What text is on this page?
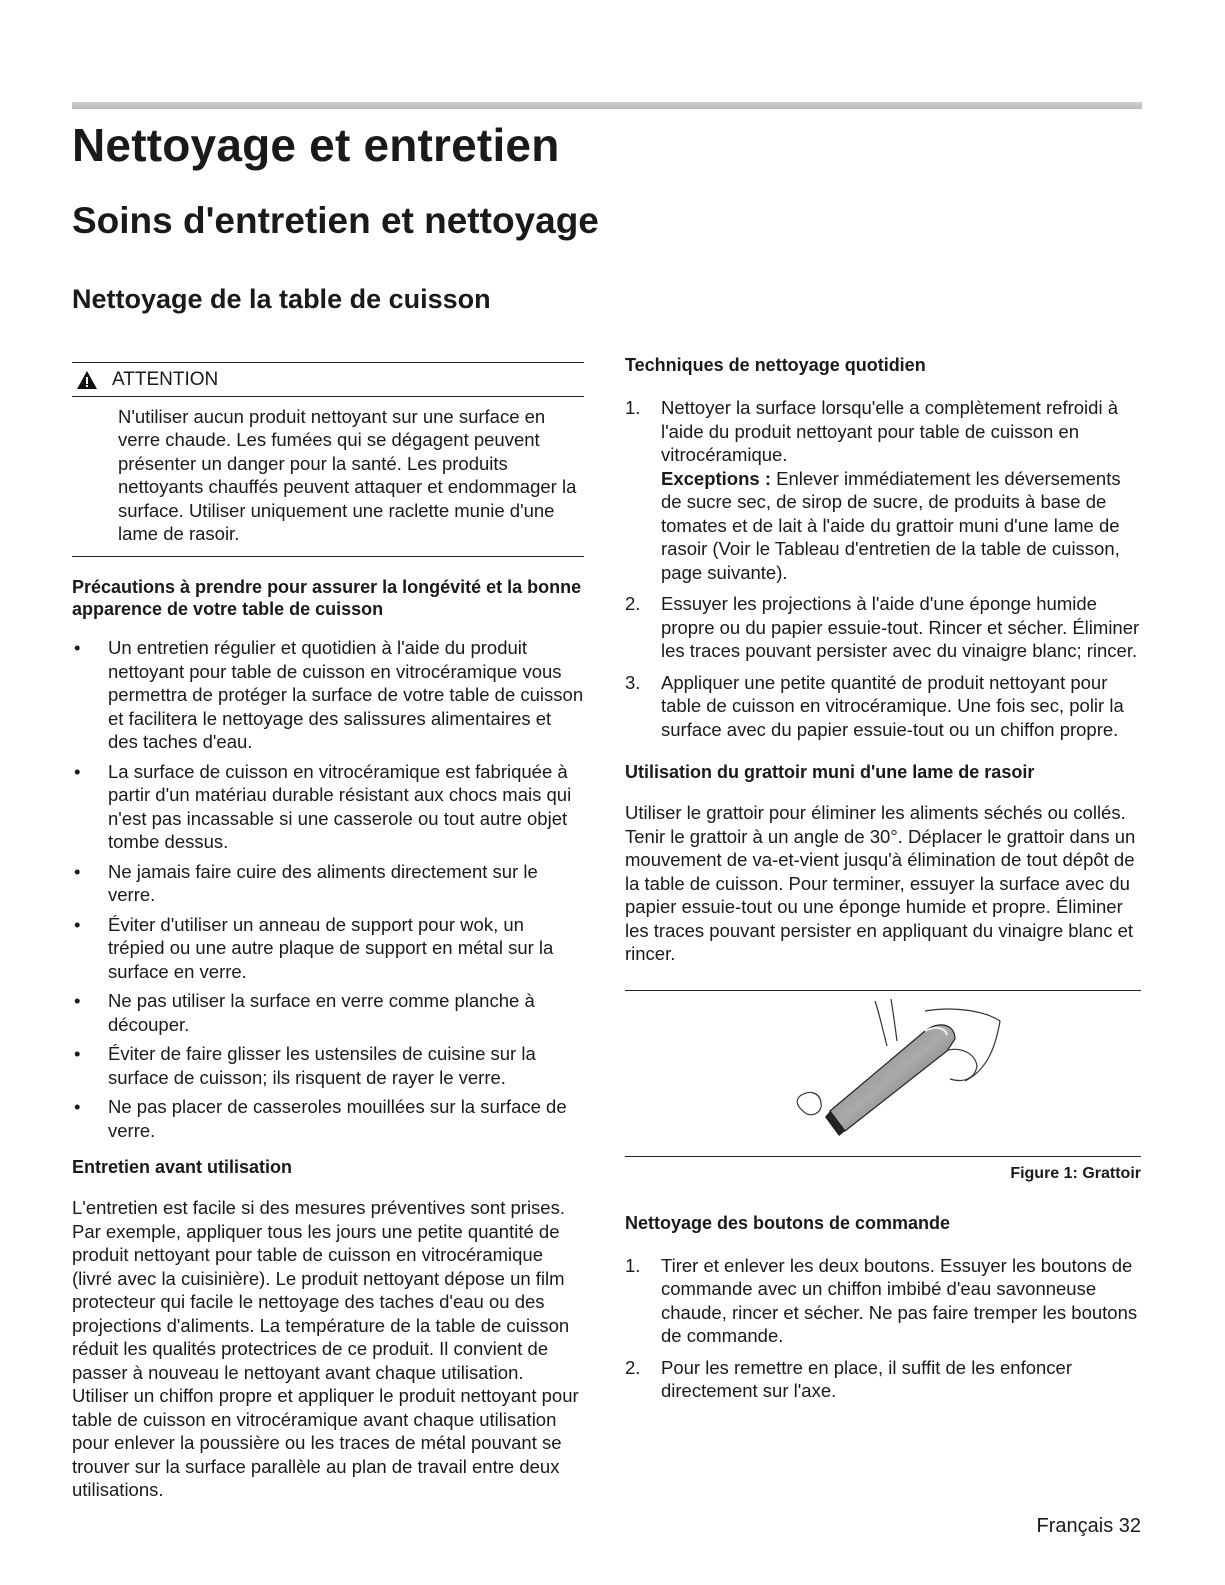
Nettoyage et entretien
Soins d'entretien et nettoyage
Nettoyage de la table de cuisson
ATTENTION
N'utiliser aucun produit nettoyant sur une surface en verre chaude. Les fumées qui se dégagent peuvent présenter un danger pour la santé. Les produits nettoyants chauffés peuvent attaquer et endommager la surface. Utiliser uniquement une raclette munie d'une lame de rasoir.
Précautions à prendre pour assurer la longévité et la bonne apparence de votre table de cuisson
• Un entretien régulier et quotidien à l'aide du produit nettoyant pour table de cuisson en vitrocéramique vous permettra de protéger la surface de votre table de cuisson et facilitera le nettoyage des salissures alimentaires et des taches d'eau.
• La surface de cuisson en vitrocéramique est fabriquée à partir d'un matériau durable résistant aux chocs mais qui n'est pas incassable si une casserole ou tout autre objet tombe dessus.
• Ne jamais faire cuire des aliments directement sur le verre.
• Éviter d'utiliser un anneau de support pour wok, un trépied ou une autre plaque de support en métal sur la surface en verre.
• Ne pas utiliser la surface en verre comme planche à découper.
• Éviter de faire glisser les ustensiles de cuisine sur la surface de cuisson; ils risquent de rayer le verre.
• Ne pas placer de casseroles mouillées sur la surface de verre.
Entretien avant utilisation
L'entretien est facile si des mesures préventives sont prises. Par exemple, appliquer tous les jours une petite quantité de produit nettoyant pour table de cuisson en vitrocéramique (livré avec la cuisinière). Le produit nettoyant dépose un film protecteur qui facile le nettoyage des taches d'eau ou des projections d'aliments. La température de la table de cuisson réduit les qualités protectrices de ce produit. Il convient de passer à nouveau le nettoyant avant chaque utilisation. Utiliser un chiffon propre et appliquer le produit nettoyant pour table de cuisson en vitrocéramique avant chaque utilisation pour enlever la poussière ou les traces de métal pouvant se trouver sur la surface parallèle au plan de travail entre deux utilisations.
Techniques de nettoyage quotidien
1. Nettoyer la surface lorsqu'elle a complètement refroidi à l'aide du produit nettoyant pour table de cuisson en vitrocéramique.
Exceptions : Enlever immédiatement les déversements de sucre sec, de sirop de sucre, de produits à base de tomates et de lait à l'aide du grattoir muni d'une lame de rasoir (Voir le Tableau d'entretien de la table de cuisson, page suivante).
2. Essuyer les projections à l'aide d'une éponge humide propre ou du papier essuie-tout. Rincer et sécher. Éliminer les traces pouvant persister avec du vinaigre blanc; rincer.
3. Appliquer une petite quantité de produit nettoyant pour table de cuisson en vitrocéramique. Une fois sec, polir la surface avec du papier essuie-tout ou un chiffon propre.
Utilisation du grattoir muni d'une lame de rasoir
Utiliser le grattoir pour éliminer les aliments séchés ou collés. Tenir le grattoir à un angle de 30°. Déplacer le grattoir dans un mouvement de va-et-vient jusqu'à élimination de tout dépôt de la table de cuisson. Pour terminer, essuyer la surface avec du papier essuie-tout ou une éponge humide et propre. Éliminer les traces pouvant persister en appliquant du vinaigre blanc et rincer.
Figure 1: Grattoir
Nettoyage des boutons de commande
1. Tirer et enlever les deux boutons. Essuyer les boutons de commande avec un chiffon imbibé d'eau savonneuse chaude, rincer et sécher. Ne pas faire tremper les boutons de commande.
2. Pour les remettre en place, il suffit de les enfoncer directement sur l'axe.
Français 32
